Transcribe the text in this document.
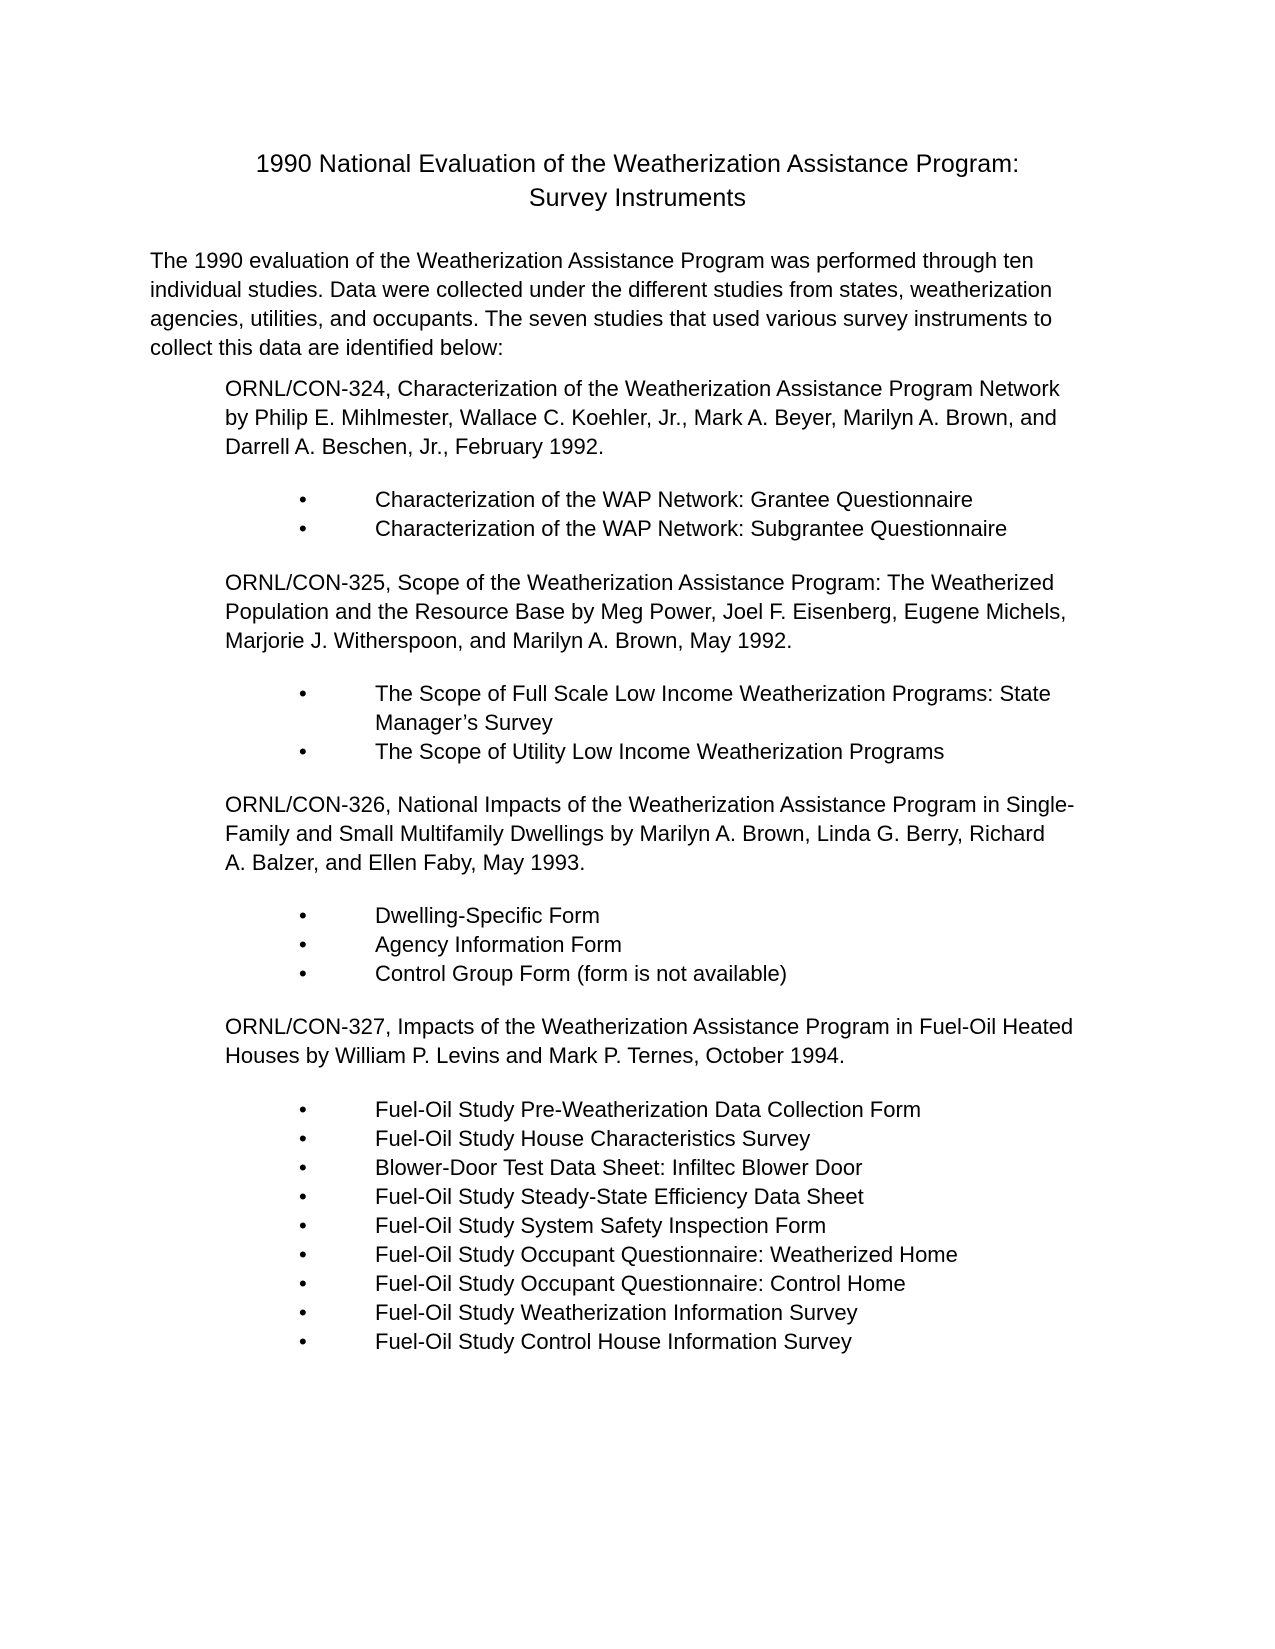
1990 National Evaluation of the Weatherization Assistance Program:
Survey Instruments
The 1990 evaluation of the Weatherization Assistance Program was performed through ten
individual studies. Data were collected under the different studies from states, weatherization
agencies, utilities, and occupants. The seven studies that used various survey instruments to
collect this data are identified below:
ORNL/CON-324, Characterization of the Weatherization Assistance Program Network
by Philip E. Mihlmester, Wallace C. Koehler, Jr., Mark A. Beyer, Marilyn A. Brown, and
Darrell A. Beschen, Jr., February 1992.
•	Characterization of the WAP Network: Grantee Questionnaire
•	Characterization of the WAP Network: Subgrantee Questionnaire
ORNL/CON-325, Scope of the Weatherization Assistance Program: The Weatherized
Population and the Resource Base by Meg Power, Joel F. Eisenberg, Eugene Michels,
Marjorie J. Witherspoon, and Marilyn A. Brown, May 1992.
•	The Scope of Full Scale Low Income Weatherization Programs: State
Manager’s Survey
•	The Scope of Utility Low Income Weatherization Programs
ORNL/CON-326, National Impacts of the Weatherization Assistance Program in Single-
Family and Small Multifamily Dwellings by Marilyn A. Brown, Linda G. Berry, Richard
A. Balzer, and Ellen Faby, May 1993.
•	Dwelling-Specific Form
•	Agency Information Form
•	Control Group Form (form is not available)
ORNL/CON-327, Impacts of the Weatherization Assistance Program in Fuel-Oil Heated
Houses by William P. Levins and Mark P. Ternes, October 1994.
•	Fuel-Oil Study Pre-Weatherization Data Collection Form
•	Fuel-Oil Study House Characteristics Survey
•	Blower-Door Test Data Sheet: Infiltec Blower Door
•	Fuel-Oil Study Steady-State Efficiency Data Sheet
•	Fuel-Oil Study System Safety Inspection Form
•	Fuel-Oil Study Occupant Questionnaire: Weatherized Home
•	Fuel-Oil Study Occupant Questionnaire: Control Home
•	Fuel-Oil Study Weatherization Information Survey
•	Fuel-Oil Study Control House Information Survey
